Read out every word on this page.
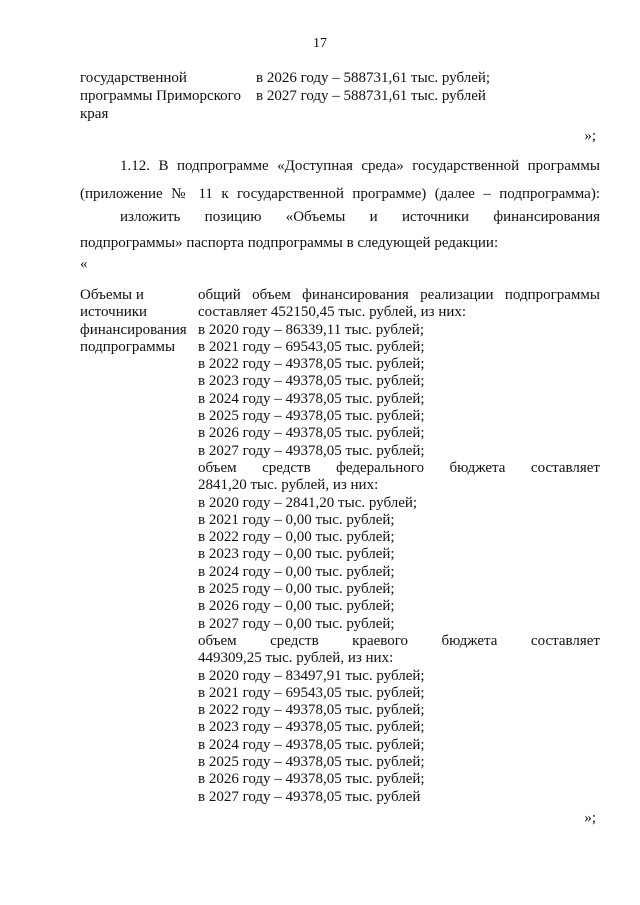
17
государственной
программы Приморского
края
в 2026 году – 588731,61 тыс. рублей;
в 2027 году – 588731,61 тыс. рублей
»;
1.12. В подпрограмме «Доступная среда» государственной программы
(приложение № 11 к государственной программе) (далее – подпрограмма):
изложить позицию «Объемы и источники финансирования
подпрограммы» паспорта подпрограммы в следующей редакции:
«
Объемы и
источники
финансирования
подпрограммы
общий объем финансирования реализации подпрограммы
составляет 452150,45 тыс. рублей, из них:
в 2020 году – 86339,11 тыс. рублей;
в 2021 году – 69543,05 тыс. рублей;
в 2022 году – 49378,05 тыс. рублей;
в 2023 году – 49378,05 тыс. рублей;
в 2024 году – 49378,05 тыс. рублей;
в 2025 году – 49378,05 тыс. рублей;
в 2026 году – 49378,05 тыс. рублей;
в 2027 году – 49378,05 тыс. рублей;
объем средств федерального бюджета составляет
2841,20 тыс. рублей, из них:
в 2020 году – 2841,20 тыс. рублей;
в 2021 году – 0,00 тыс. рублей;
в 2022 году – 0,00 тыс. рублей;
в 2023 году – 0,00 тыс. рублей;
в 2024 году – 0,00 тыс. рублей;
в 2025 году – 0,00 тыс. рублей;
в 2026 году – 0,00 тыс. рублей;
в 2027 году – 0,00 тыс. рублей;
объем средств краевого бюджета составляет
449309,25 тыс. рублей, из них:
в 2020 году – 83497,91 тыс. рублей;
в 2021 году – 69543,05 тыс. рублей;
в 2022 году – 49378,05 тыс. рублей;
в 2023 году – 49378,05 тыс. рублей;
в 2024 году – 49378,05 тыс. рублей;
в 2025 году – 49378,05 тыс. рублей;
в 2026 году – 49378,05 тыс. рублей;
в 2027 году – 49378,05 тыс. рублей
»;
